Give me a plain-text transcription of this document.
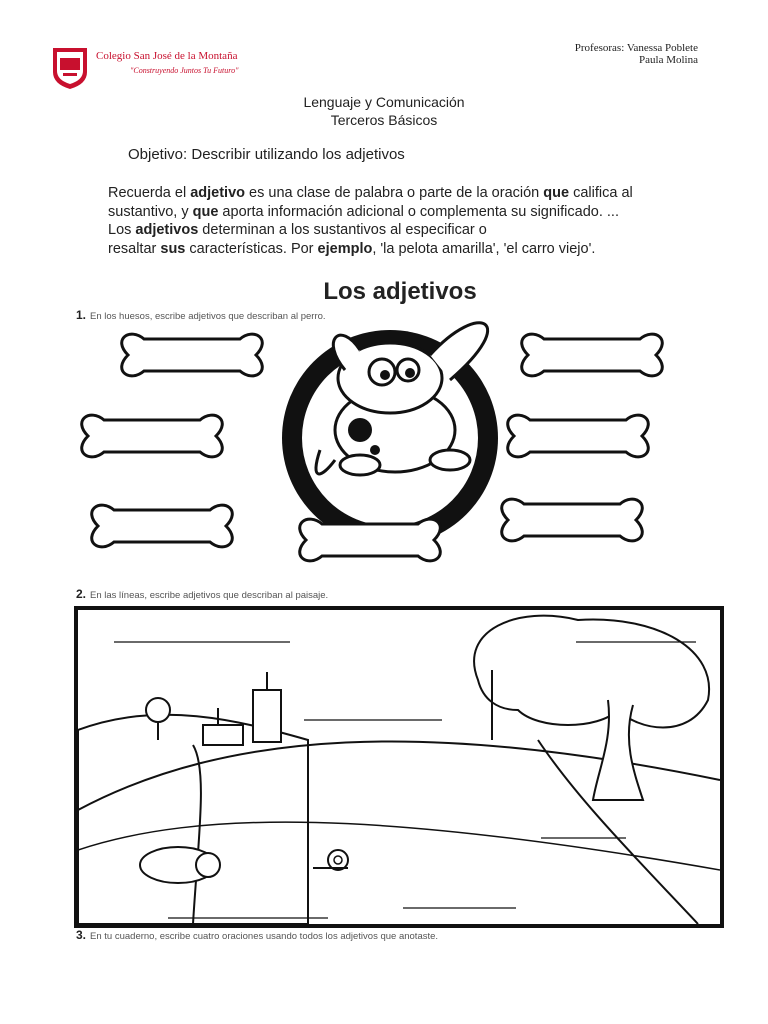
Colegio San José de la Montaña
"Construyendo Juntos Tu Futuro"
Profesoras: Vanessa Poblete
Paula Molina
Lenguaje y Comunicación
Terceros Básicos
Objetivo: Describir utilizando los adjetivos
Recuerda el adjetivo es una clase de palabra o parte de la oración que califica al
sustantivo, y que aporta información adicional o complementa su significado. ...
Los adjetivos determinan a los sustantivos al especificar o
resaltar sus características. Por ejemplo, 'la pelota amarilla', 'el carro viejo'.
Los adjetivos
1. En los huesos, escribe adjetivos que describan al perro.
2. En las líneas, escribe adjetivos que describan al paisaje.
3. En tu cuaderno, escribe cuatro oraciones usando todos los adjetivos que anotaste.
